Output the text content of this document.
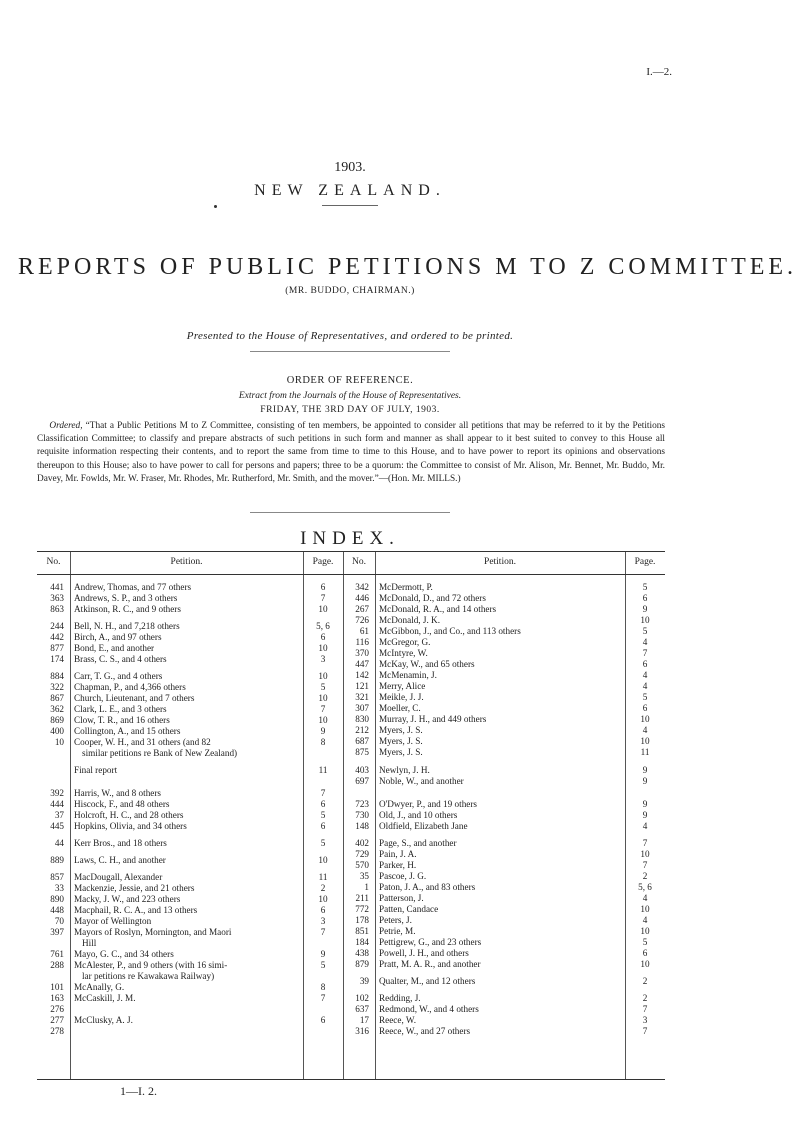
I.—2.
1903.
NEW ZEALAND.
REPORTS OF PUBLIC PETITIONS M TO Z COMMITTEE.
(MR. BUDDO, CHAIRMAN.)
Presented to the House of Representatives, and ordered to be printed.
ORDER OF REFERENCE.
Extract from the Journals of the House of Representatives.
FRIDAY, THE 3RD DAY OF JULY, 1903.
Ordered, “That a Public Petitions M to Z Committee, consisting of ten members, be appointed to consider all petitions that may be referred to it by the Petitions Classification Committee; to classify and prepare abstracts of such petitions in such form and manner as shall appear to it best suited to convey to this House all requisite information respecting their contents, and to report the same from time to time to this House, and to have power to report its opinions and observations thereupon to this House; also to have power to call for persons and papers; three to be a quorum: the Committee to consist of Mr. Alison, Mr. Bennet, Mr. Buddo, Mr. Davey, Mr. Fowlds, Mr. W. Fraser, Mr. Rhodes, Mr. Rutherford, Mr. Smith, and the mover.”—(Hon. Mr. MILLS.)
INDEX.
No.	Petition.	Page.	No.	Petition.	Page.
441 Andrew, Thomas, and 77 others	6
363 Andrews, S. P., and 3 others	7
863 Atkinson, R. C., and 9 others	10
244 Bell, N. H., and 7,218 others	5, 6
442 Birch, A., and 97 others	6
877 Bond, E., and another	10
174 Brass, C. S., and 4 others	3
884 Carr, T. G., and 4 others	10
322 Chapman, P., and 4,366 others	5
867 Church, Lieutenant, and 7 others	10
362 Clark, L. E., and 3 others	7
869 Clow, T. R., and 16 others	10
400 Collington, A., and 15 others	9
10 Cooper, W. H., and 31 others (and 82	8
similar petitions re Bank of New Zealand)
Final report	11
392 Harris, W., and 8 others	7
444 Hiscock, F., and 48 others	6
37 Holcroft, H. C., and 28 others	5
445 Hopkins, Olivia, and 34 others	6
44 Kerr Bros., and 18 others	5
889 Laws, C. H., and another	10
857 MacDougall, Alexander	11
33 Mackenzie, Jessie, and 21 others	2
890 Macky, J. W., and 223 others	10
448 Macphail, R. C. A., and 13 others	6
70 Mayor of Wellington	3
397 Mayors of Roslyn, Mornington, and Maori	7
Hill
761 Mayo, G. C., and 34 others	9
288 McAlester, P., and 9 others (with 16 simi-	5
lar petitions re Kawakawa Railway)
101 McAnally, G.	8
163 McCaskill, J. M.	7
276
277 McClusky, A. J.	6
278
342 McDermott, P.	5
446 McDonald, D., and 72 others	6
267 McDonald, R. A., and 14 others	9
726 McDonald, J. K.	10
61 McGibbon, J., and Co., and 113 others	5
116 McGregor, G.	4
370 McIntyre, W.	7
447 McKay, W., and 65 others	6
142 McMenamin, J.	4
121 Merry, Alice	4
321 Meikle, J. J.	5
307 Moeller, C.	6
830 Murray, J. H., and 449 others	10
212 Myers, J. S.	4
687 Myers, J. S.	10
875 Myers, J. S.	11
403 Newlyn, J. H.	9
697 Noble, W., and another	9
723 O'Dwyer, P., and 19 others	9
730 Old, J., and 10 others	9
148 Oldfield, Elizabeth Jane	4
402 Page, S., and another	7
729 Pain, J. A.	10
570 Parker, H.	7
35 Pascoe, J. G.	2
1 Paton, J. A., and 83 others	5, 6
211 Patterson, J.	4
772 Patten, Candace	10
178 Peters, J.	4
851 Petrie, M.	10
184 Pettigrew, G., and 23 others	5
438 Powell, J. H., and others	6
879 Pratt, M. A. R., and another	10
39 Qualter, M., and 12 others	2
102 Redding, J.	2
637 Redmond, W., and 4 others	7
17 Reece, W.	3
316 Reece, W., and 27 others	7
1—I. 2.
